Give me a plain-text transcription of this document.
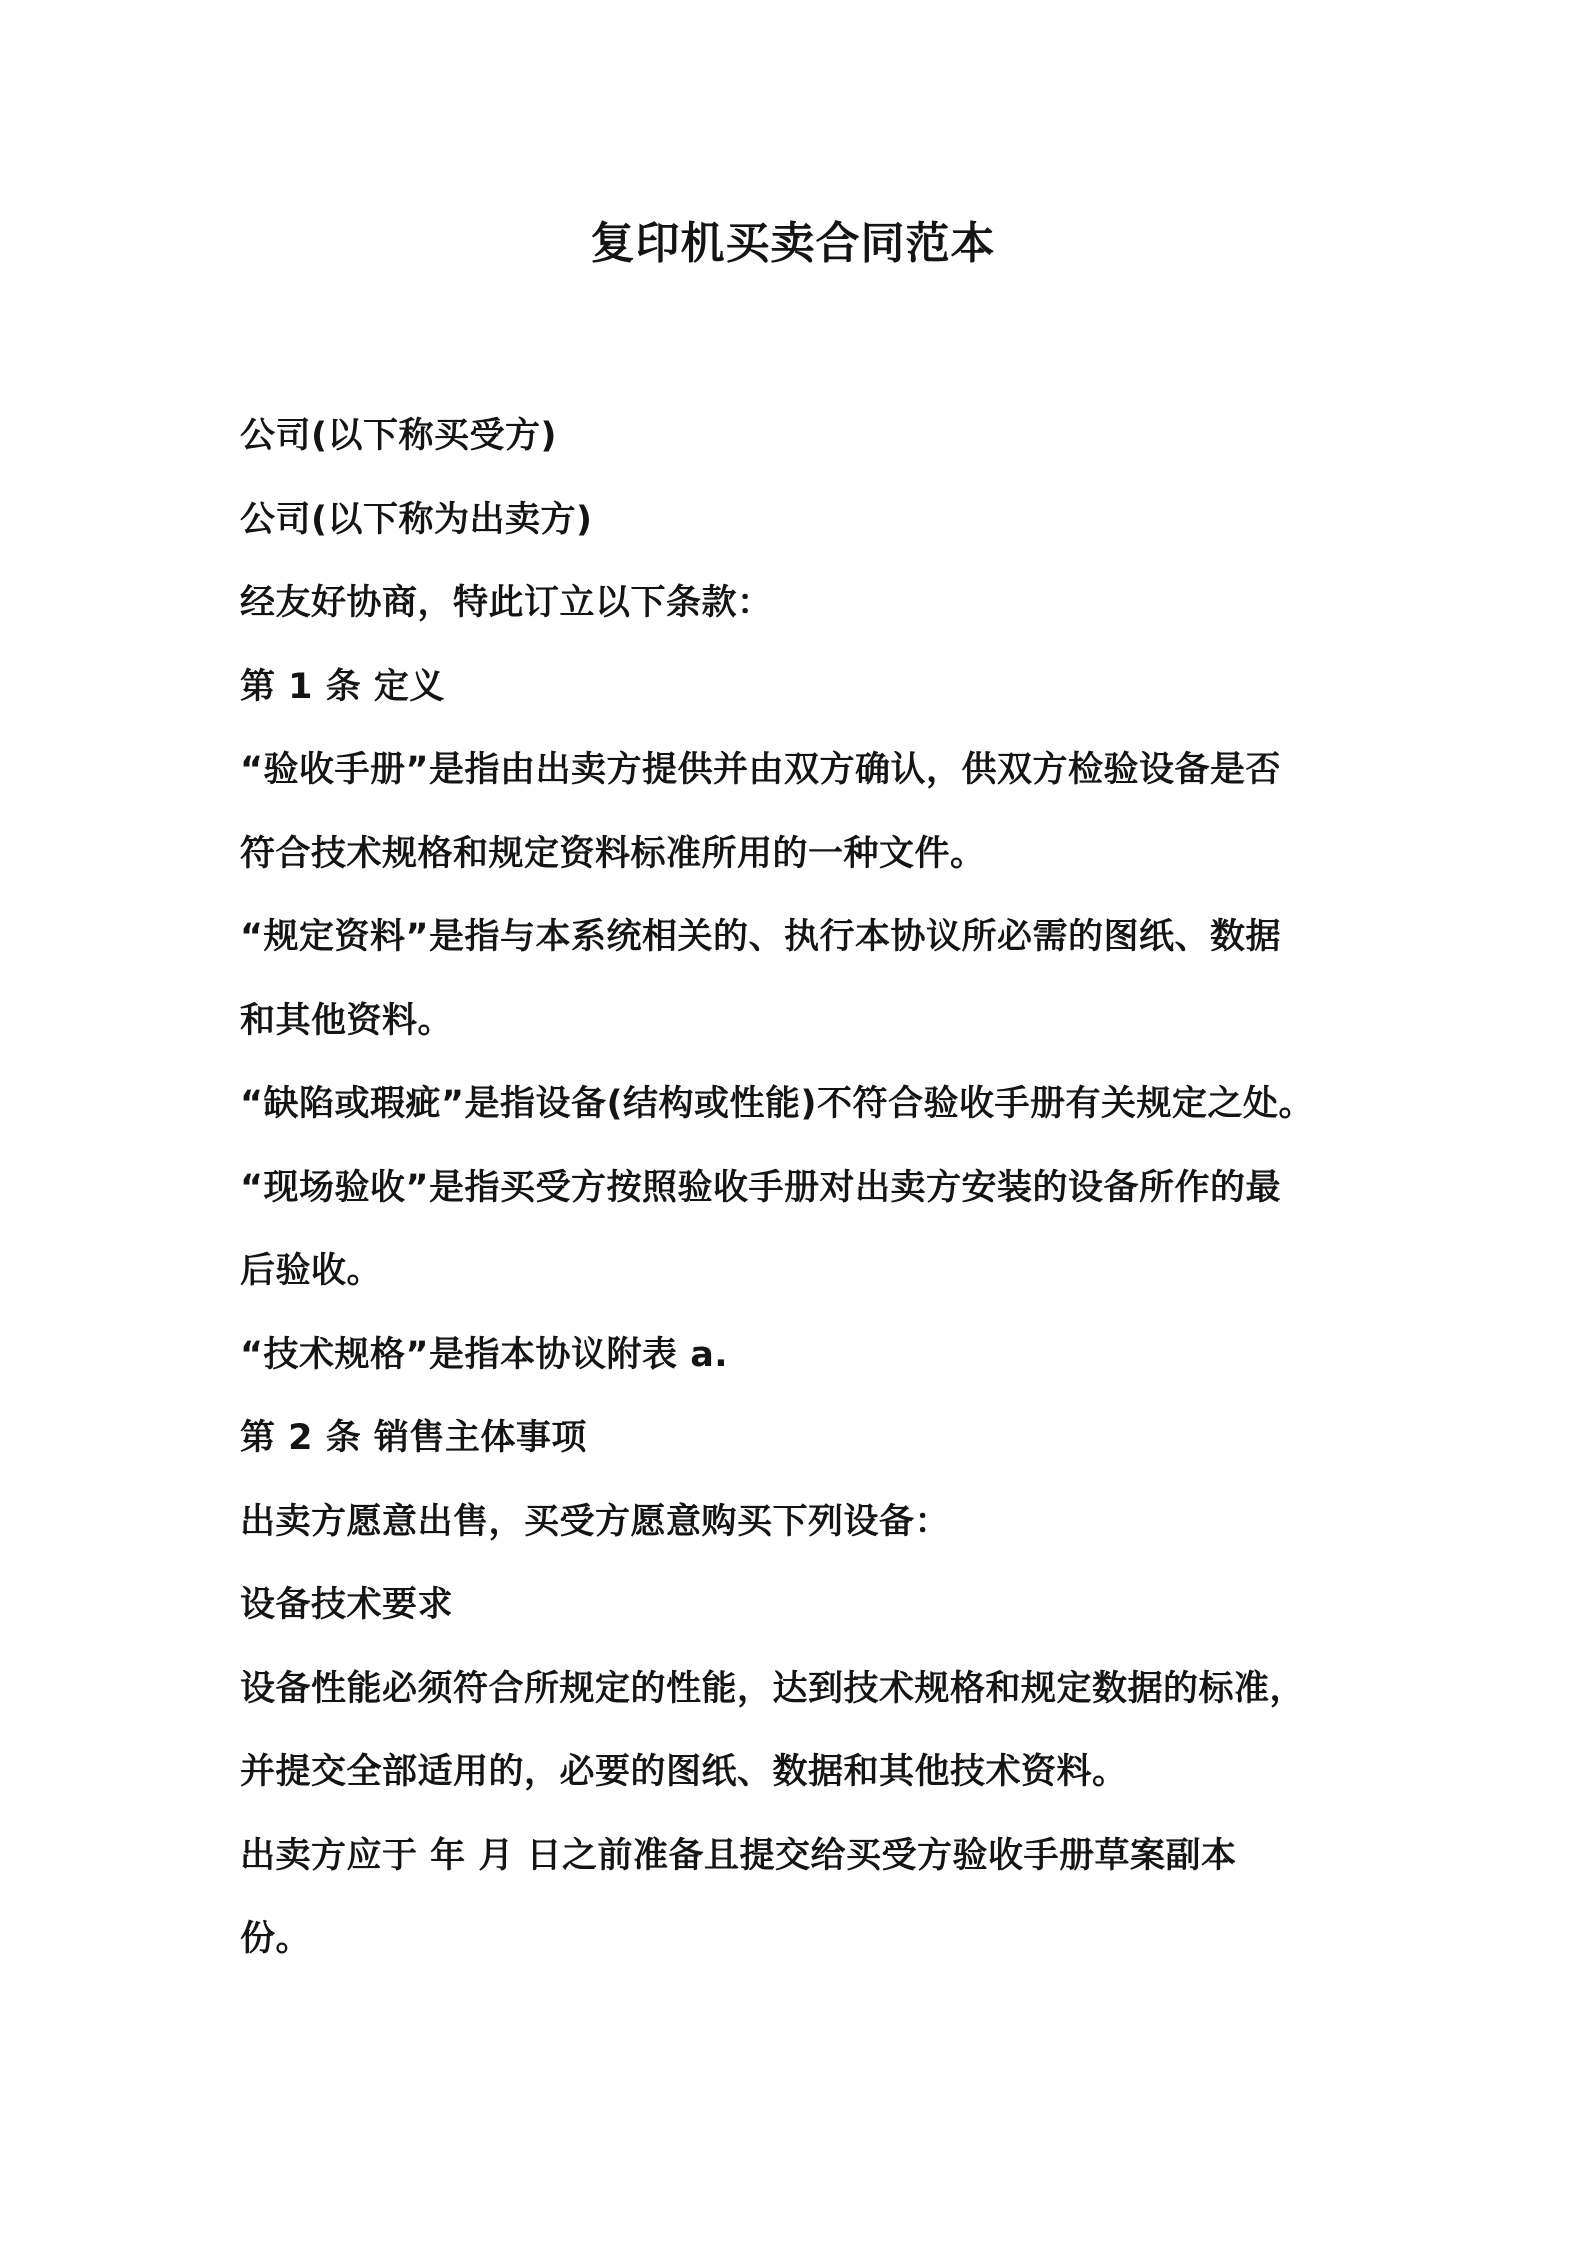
复印机买卖合同范本
公司(以下称买受方)
公司(以下称为出卖方)
经友好协商，特此订立以下条款：
第 1 条 定义
“验收手册”是指由出卖方提供并由双方确认，供双方检验设备是否
符合技术规格和规定资料标准所用的一种文件。
“规定资料”是指与本系统相关的、执行本协议所必需的图纸、数据
和其他资料。
“缺陷或瑕疵”是指设备(结构或性能)不符合验收手册有关规定之处。
“现场验收”是指买受方按照验收手册对出卖方安装的设备所作的最
后验收。
“技术规格”是指本协议附表 a.
第 2 条 销售主体事项
出卖方愿意出售，买受方愿意购买下列设备：
设备技术要求
设备性能必须符合所规定的性能，达到技术规格和规定数据的标准，
并提交全部适用的，必要的图纸、数据和其他技术资料。
出卖方应于 年 月 日之前准备且提交给买受方验收手册草案副本
份。
